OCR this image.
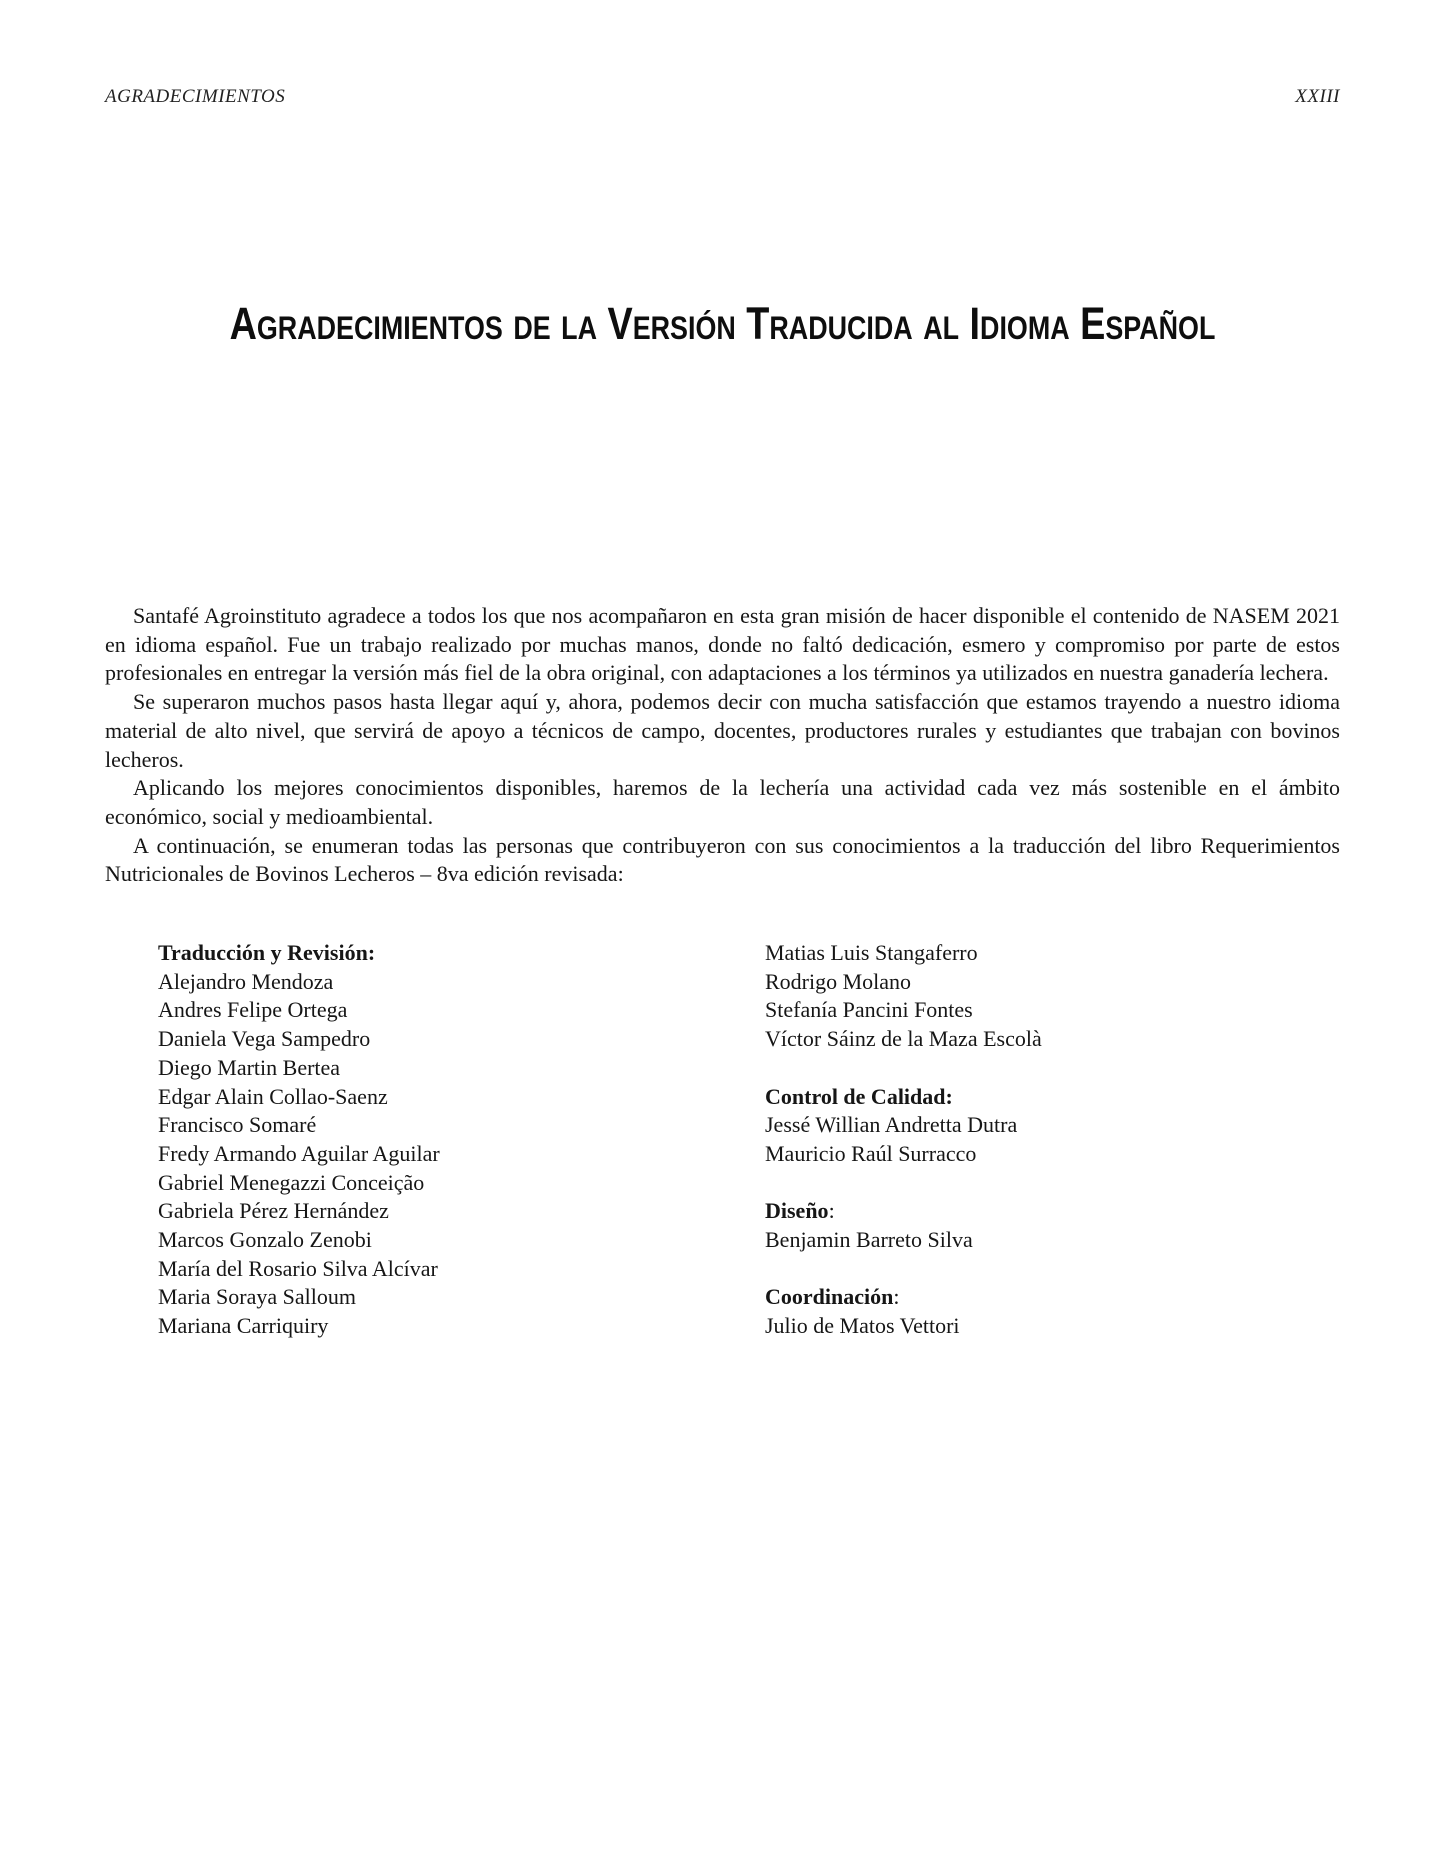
AGRADECIMIENTOS	XXIII
Agradecimientos de la Versión Traducida al Idioma Español

Santafé Agroinstituto agradece a todos los que nos acompañaron en esta gran misión de hacer disponible el contenido de NASEM 2021 en idioma español. Fue un trabajo realizado por muchas manos, donde no faltó dedicación, esmero y compromiso por parte de estos profesionales en entregar la versión más fiel de la obra original, con adaptaciones a los términos ya utilizados en nuestra ganadería lechera.

Se superaron muchos pasos hasta llegar aquí y, ahora, podemos decir con mucha satisfacción que estamos trayendo a nuestro idioma material de alto nivel, que servirá de apoyo a técnicos de campo, docentes, productores rurales y estudiantes que trabajan con bovinos lecheros.

Aplicando los mejores conocimientos disponibles, haremos de la lechería una actividad cada vez más sostenible en el ámbito económico, social y medioambiental.

A continuación, se enumeran todas las personas que contribuyeron con sus conocimientos a la traducción del libro Requerimientos Nutricionales de Bovinos Lecheros – 8va edición revisada:

Traducción y Revisión:
Alejandro Mendoza
Andres Felipe Ortega
Daniela Vega Sampedro
Diego Martin Bertea
Edgar Alain Collao-Saenz
Francisco Somaré
Fredy Armando Aguilar Aguilar
Gabriel Menegazzi Conceição
Gabriela Pérez Hernández
Marcos Gonzalo Zenobi
María del Rosario Silva Alcívar
Maria Soraya Salloum
Mariana Carriquiry
Matias Luis Stangaferro
Rodrigo Molano
Stefanía Pancini Fontes
Víctor Sáinz de la Maza Escolà
Control de Calidad:
Jessé Willian Andretta Dutra
Mauricio Raúl Surracco
Diseño:
Benjamin Barreto Silva
Coordinación:
Julio de Matos Vettori
